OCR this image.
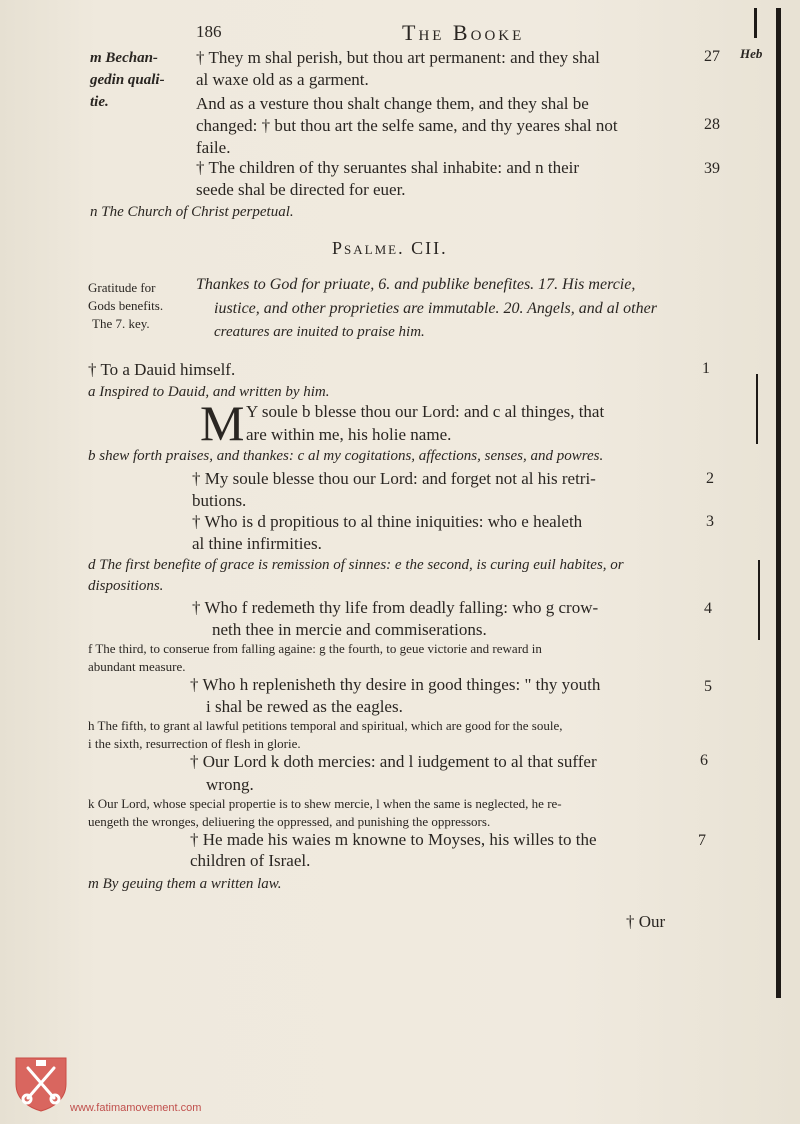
186	The Booke
Heb
m Bechan-
gedin quali-
tie.
† They m shal perish, but thou art permanent: and they shal	27
al waxe old as a garment.
And as a vesture thou shalt change them, and they shal be
changed: † but thou art the selfe same, and thy yeares shal not	28
faile.
† The children of thy seruantes shal inhabite: and n their	39
seede shal be directed for euer.
n The Church of Christ perpetual.
Psalme. CII.
Gratitude for
Gods benefits.
The 7. key.
Thankes to God for priuate, 6. and publike benefites. 17. His mercie,
iustice, and other proprieties are immutable. 20. Angels, and al other
creatures are inuited to praise him.
† To a Dauid himself.	1
a Inspired to Dauid, and written by him.
M Y soule b blesse thou our Lord: and c al thinges, that
are within me, his holie name.
b shew forth praises, and thankes: c al my cogitations, affections, senses, and powres.
† My soule blesse thou our Lord: and forget not al his retri-	2
butions.
† Who is d propitious to al thine iniquities: who e healeth	3
al thine infirmities.
d The first benefite of grace is remission of sinnes: e the second, is curing euil habites, or
dispositions.
† Who f redemeth thy life from deadly falling: who g crow-	4
neth thee in mercie and commiserations.
f The third, to conserue from falling againe: g the fourth, to geue victorie and reward in
abundant measure.
† Who h replenisheth thy desire in good thinges: " thy youth	5
i shal be rewed as the eagles.
h The fifth, to grant al lawful petitions temporal and spiritual, which are good for the soule,
i the sixth, resurrection of flesh in glorie.
† Our Lord k doth mercies: and l iudgement to al that suffer	6
wrong.
k Our Lord, whose special propertie is to shew mercie, l when the same is neglected, he re-
uengeth the wronges, deliuering the oppressed, and punishing the oppressors.
† He made his waies m knowne to Moyses, his willes to the	7
children of Israel.
m By geuing them a written law.
† Our
www.fatimamovement.com
